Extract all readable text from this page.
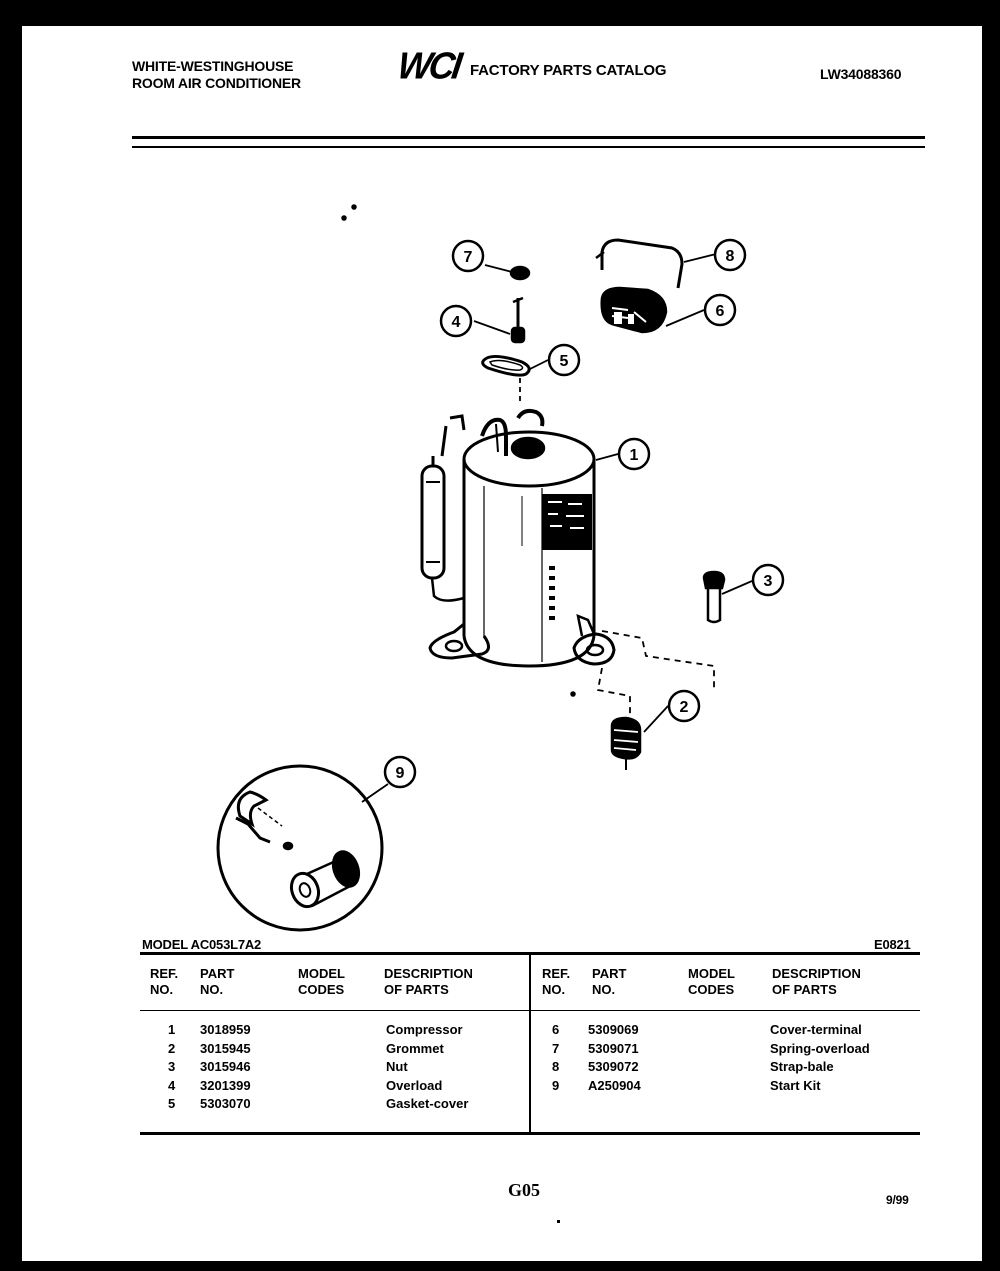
WHITE-WESTINGHOUSE
ROOM AIR CONDITIONER	WCI FACTORY PARTS CATALOG	LW34088360
7	8
4
6
5
1
3
2
9
MODEL AC053L7A2	E0821
REF. NO.
PART NO.
MODEL CODES
DESCRIPTION OF PARTS
REF. NO.
PART NO.
MODEL CODES
DESCRIPTION OF PARTS
1 3018959	Compressor
2 3015945	Grommet
3 3015946	Nut
4 3201399	Overload
5 5303070	Gasket-cover
6 5309069	Cover-terminal
7 5309071	Spring-overload
8 5309072	Strap-bale
9 A250904	Start Kit
G05	9/99
